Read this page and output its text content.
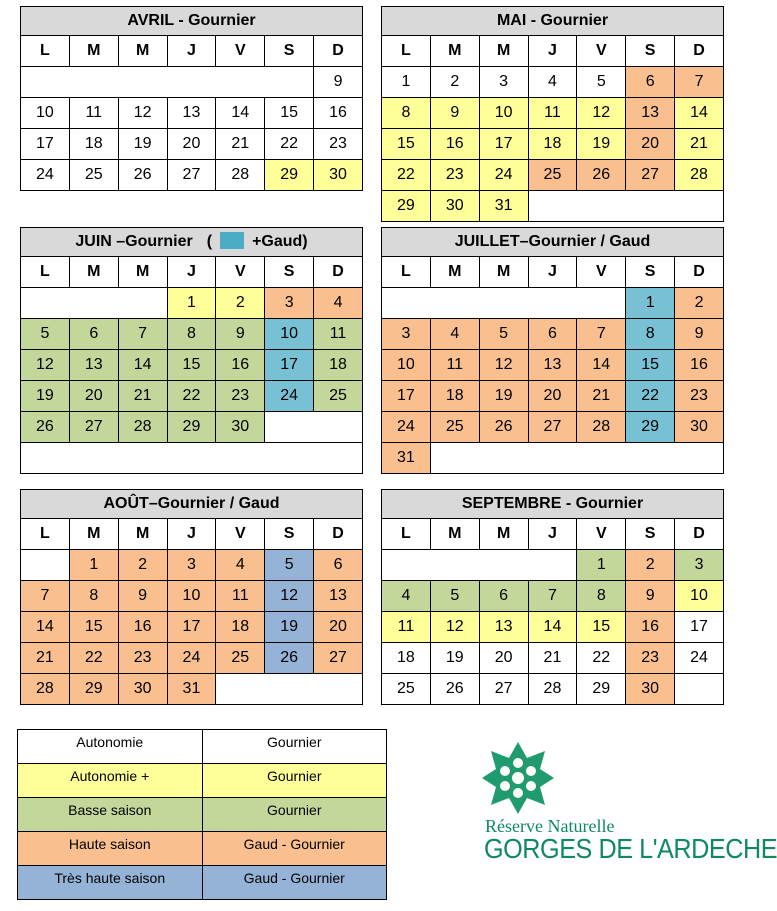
AVRIL - Gournier						
L	M	M	J	V	S	D
						9
10	11	12	13	14	15	16
17	18	19	20	21	22	23
24	25	26	27	28	29	30
MAI - Gournier						
L	M	M	J	V	S	D
1	2	3	4	5	6	7
8	9	10	11	12	13	14
15	16	17	18	19	20	21
22	23	24	25	26	27	28
29	30	31				
JUIN –Gournier ( +Gaud)						
L	M	M	J	V	S	D
			1	2	3	4
5	6	7	8	9	10	11
12	13	14	15	16	17	18
19	20	21	22	23	24	25
26	27	28	29	30		

JUILLET–Gournier / Gaud						
L	M	M	J	V	S	D
					1	2
3	4	5	6	7	8	9
10	11	12	13	14	15	16
17	18	19	20	21	22	23
24	25	26	27	28	29	30
31						
AOÛT–Gournier / Gaud						
L	M	M	J	V	S	D
	1	2	3	4	5	6
7	8	9	10	11	12	13
14	15	16	17	18	19	20
21	22	23	24	25	26	27
28	29	30	31			
SEPTEMBRE - Gournier						
L	M	M	J	V	S	D
				1	2	3
4	5	6	7	8	9	10
11	12	13	14	15	16	17
18	19	20	21	22	23	24
25	26	27	28	29	30	
Autonomie	Gournier
Autonomie +	Gournier
Basse saison	Gournier
Haute saison	Gaud - Gournier
Très haute saison	Gaud - Gournier
Réserve Naturelle
GORGES DE L'ARDECHE
